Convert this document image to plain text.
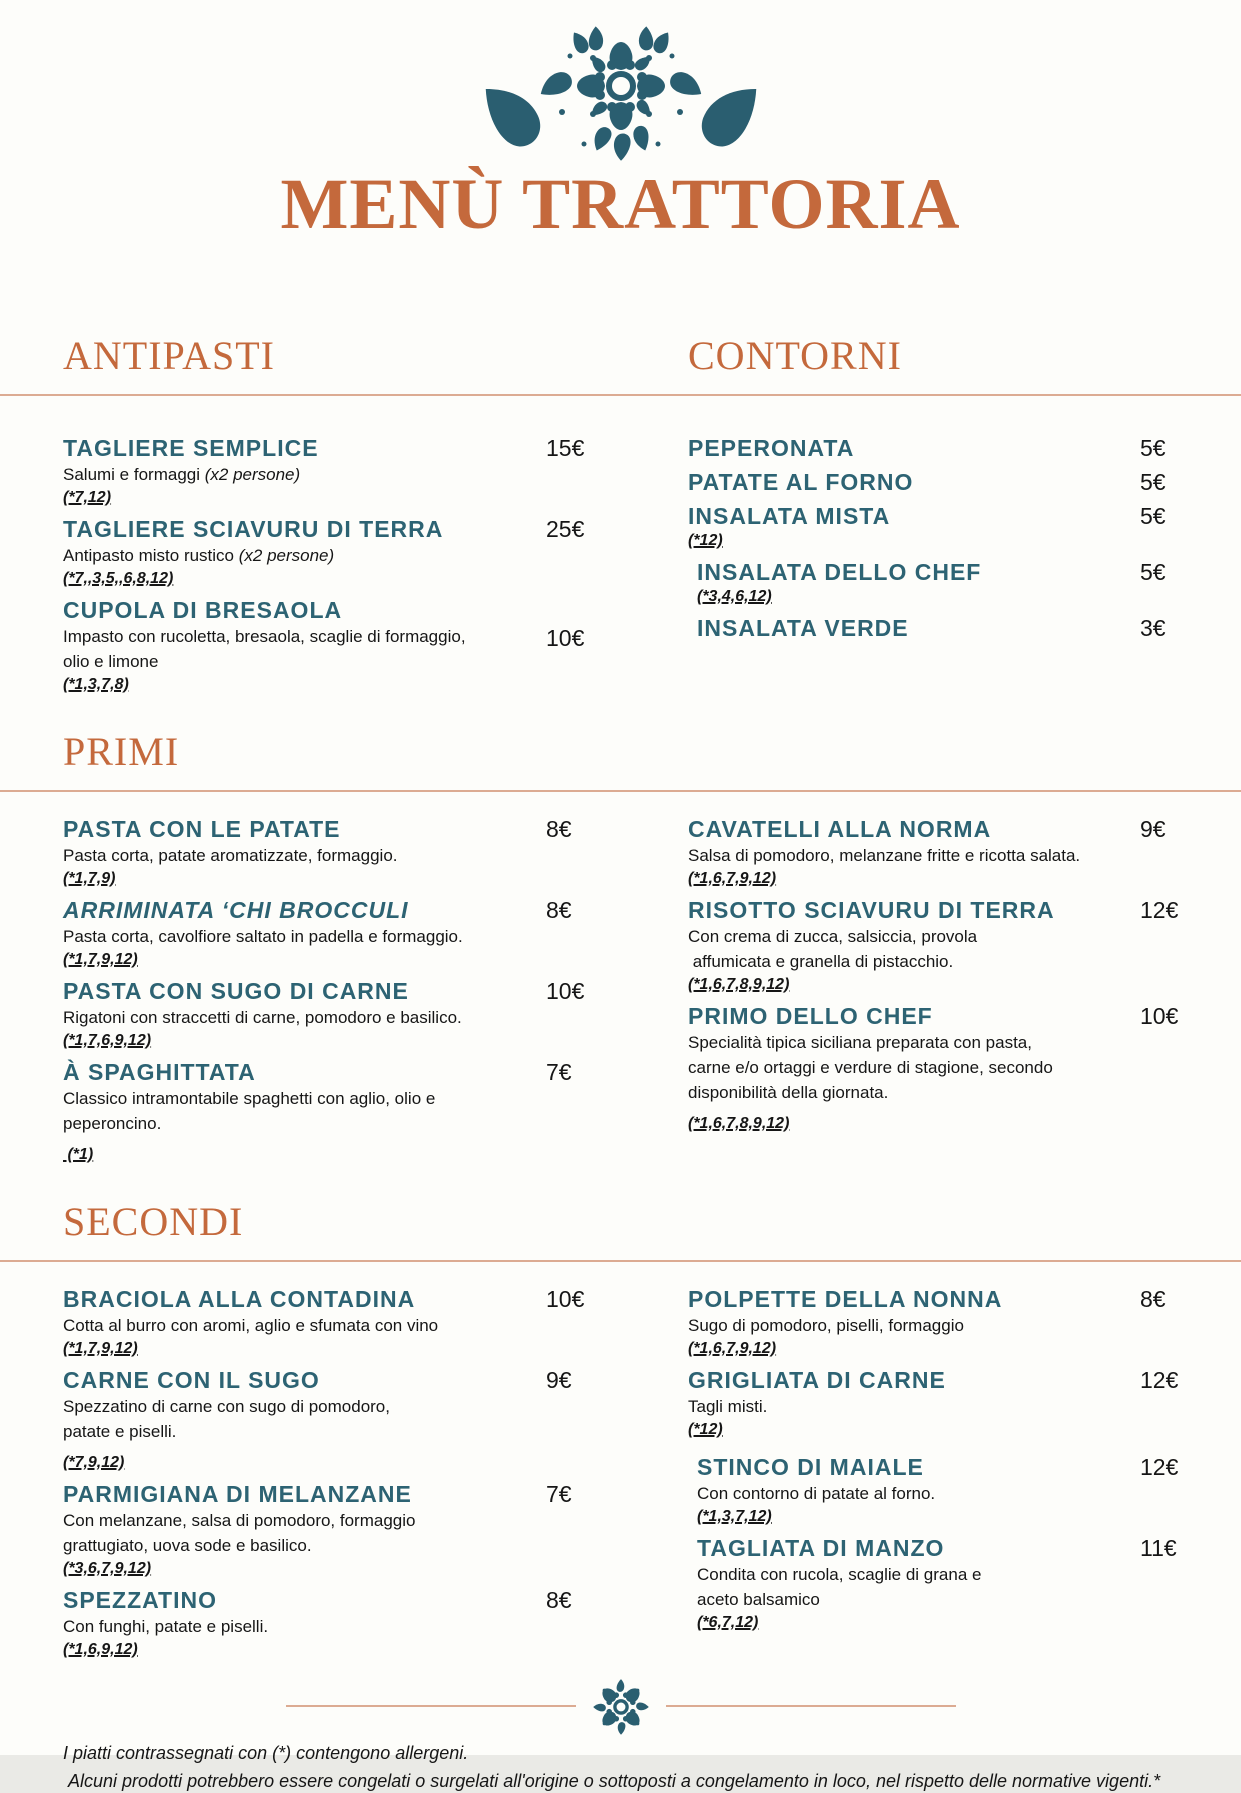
MENÙ TRATTORIA
ANTIPASTI	CONTORNI
TAGLIERE SEMPLICE
Salumi e formaggi (x2 persone)
(*7,12)
15€
TAGLIERE SCIAVURU DI TERRA
Antipasto misto rustico (x2 persone)
(*7,,3,5,,6,8,12)
25€
CUPOLA DI BRESAOLA
Impasto con rucoletta, bresaola, scaglie di formaggio,
olio e limone
(*1,3,7,8)
10€
PEPERONATA	5€
PATATE AL FORNO	5€
INSALATA MISTA
(*12)
5€
INSALATA DELLO CHEF
(*3,4,6,12)
5€
INSALATA VERDE	3€
PRIMI
PASTA CON LE PATATE
Pasta corta, patate aromatizzate, formaggio.
(*1,7,9)
8€
ARRIMINATA ‘CHI BROCCULI
Pasta corta, cavolfiore saltato in padella e formaggio.
(*1,7,9,12)
8€
PASTA CON SUGO DI CARNE
Rigatoni con straccetti di carne, pomodoro e basilico.
(*1,7,6,9,12)
10€
À SPAGHITTATA
Classico intramontabile spaghetti con aglio, olio e
peperoncino.
(*1)
7€
CAVATELLI ALLA NORMA
Salsa di pomodoro, melanzane fritte e ricotta salata.
(*1,6,7,9,12)
9€
RISOTTO SCIAVURU DI TERRA
Con crema di zucca, salsiccia, provola
affumicata e granella di pistacchio.
(*1,6,7,8,9,12)
12€
PRIMO DELLO CHEF
Specialità tipica siciliana preparata con pasta,
carne e/o ortaggi e verdure di stagione, secondo
disponibilità della giornata.
(*1,6,7,8,9,12)
10€
SECONDI
BRACIOLA ALLA CONTADINA
Cotta al burro con aromi, aglio e sfumata con vino
(*1,7,9,12)
10€
CARNE CON IL SUGO
Spezzatino di carne con sugo di pomodoro,
patate e piselli.
(*7,9,12)
9€
PARMIGIANA DI MELANZANE
Con melanzane, salsa di pomodoro, formaggio
grattugiato, uova sode e basilico.
(*3,6,7,9,12)
7€
SPEZZATINO
Con funghi, patate e piselli.
(*1,6,9,12)
8€
POLPETTE DELLA NONNA
Sugo di pomodoro, piselli, formaggio
(*1,6,7,9,12)
8€
GRIGLIATA DI CARNE
Tagli misti.
(*12)
12€
STINCO DI MAIALE
Con contorno di patate al forno.
(*1,3,7,12)
12€
TAGLIATA DI MANZO
Condita con rucola, scaglie di grana e
aceto balsamico
(*6,7,12)
11€

I piatti contrassegnati con (*) contengono allergeni.

Alcuni prodotti potrebbero essere congelati o surgelati all'origine o sottoposti a congelamento in loco, nel rispetto delle normative vigenti.*
